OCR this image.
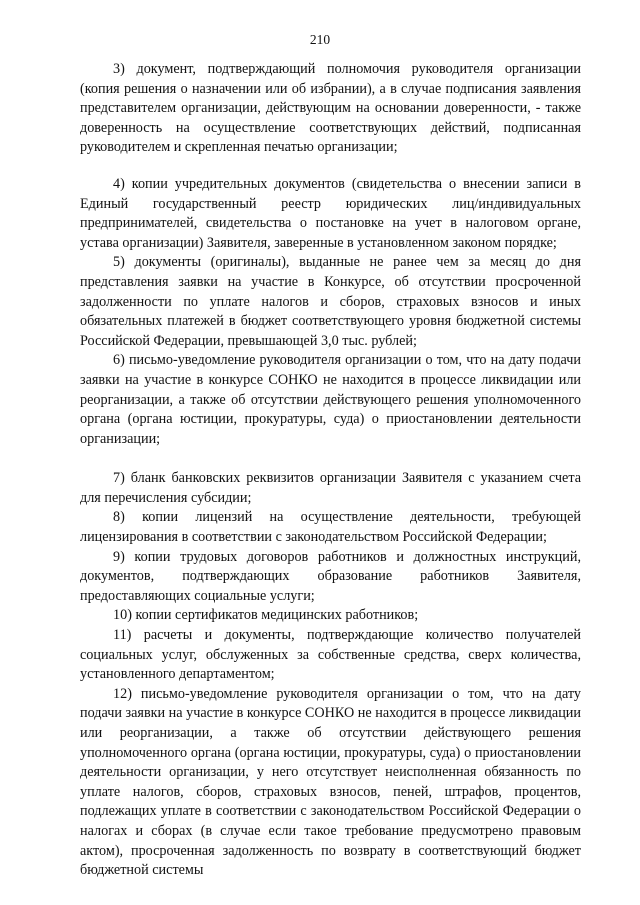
210

3) документ, подтверждающий полномочия руководителя организации (копия решения о назначении или об избрании), а в случае подписания заявления представителем организации, действующим на основании доверенности, - также доверенность на осуществление соответствующих действий, подписанная руководителем и скрепленная печатью организации;

4) копии учредительных документов (свидетельства о внесении записи в Единый государственный реестр юридических лиц/индивидуальных предпринимателей, свидетельства о постановке на учет в налоговом органе, устава организации) Заявителя, заверенные в установленном законом порядке;

5) документы (оригиналы), выданные не ранее чем за месяц до дня представления заявки на участие в Конкурсе, об отсутствии просроченной задолженности по уплате налогов и сборов, страховых взносов и иных обязательных платежей в бюджет соответствующего уровня бюджетной системы Российской Федерации, превышающей 3,0 тыс. рублей;

6) письмо-уведомление руководителя организации о том, что на дату подачи заявки на участие в конкурсе СОНКО не находится в процессе ликвидации или реорганизации, а также об отсутствии действующего решения уполномоченного органа (органа юстиции, прокуратуры, суда) о приостановлении деятельности организации;

7) бланк банковских реквизитов организации Заявителя с указанием счета для перечисления субсидии;

8) копии лицензий на осуществление деятельности, требующей лицензирования в соответствии с законодательством Российской Федерации;

9) копии трудовых договоров работников и должностных инструкций, документов, подтверждающих образование работников Заявителя, предоставляющих социальные услуги;

10) копии сертификатов медицинских работников;

11) расчеты и документы, подтверждающие количество получателей социальных услуг, обслуженных за собственные средства, сверх количества, установленного департаментом;

12) письмо-уведомление руководителя организации о том, что на дату подачи заявки на участие в конкурсе СОНКО не находится в процессе ликвидации или реорганизации, а также об отсутствии действующего решения уполномоченного органа (органа юстиции, прокуратуры, суда) о приостановлении деятельности организации, у него отсутствует неисполненная обязанность по уплате налогов, сборов, страховых взносов, пеней, штрафов, процентов, подлежащих уплате в соответствии с законодательством Российской Федерации о налогах и сборах (в случае если такое требование предусмотрено правовым актом), просроченная задолженность по возврату в соответствующий бюджет бюджетной системы
